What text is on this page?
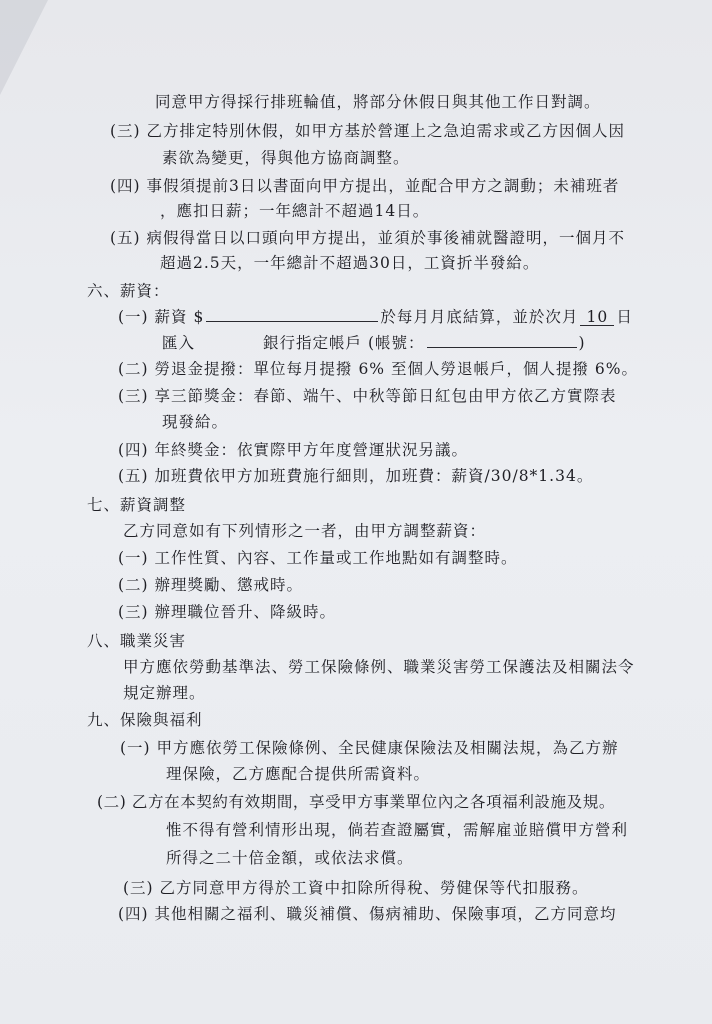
同意甲方得採行排班輪值，將部分休假日與其他工作日對調。
(三) 乙方排定特別休假，如甲方基於營運上之急迫需求或乙方因個人因
素欲為變更，得與他方協商調整。
(四) 事假須提前3日以書面向甲方提出，並配合甲方之調動；未補班者
，應扣日薪；一年總計不超過14日。
(五) 病假得當日以口頭向甲方提出，並須於事後補就醫證明，一個月不
超過2.5天，一年總計不超過30日，工資折半發給。
六、薪資：
(一) 薪資 $	於每月月底結算，並於次月 10 日
匯入	銀行指定帳戶 (帳號：	)
(二) 勞退金提撥：單位每月提撥 6% 至個人勞退帳戶，個人提撥 6%。
(三) 享三節獎金：春節、端午、中秋等節日紅包由甲方依乙方實際表
現發給。
(四) 年終獎金：依實際甲方年度營運狀況另議。
(五) 加班費依甲方加班費施行細則，加班費：薪資/30/8*1.34。
七、薪資調整
乙方同意如有下列情形之一者，由甲方調整薪資：
(一) 工作性質、內容、工作量或工作地點如有調整時。
(二) 辦理獎勵、懲戒時。
(三) 辦理職位晉升、降級時。
八、職業災害
甲方應依勞動基準法、勞工保險條例、職業災害勞工保護法及相關法令
規定辦理。
九、保險與福利
(一) 甲方應依勞工保險條例、全民健康保險法及相關法規，為乙方辦
理保險，乙方應配合提供所需資料。
(二) 乙方在本契約有效期間，享受甲方事業單位內之各項福利設施及規。
惟不得有營利情形出現，倘若查證屬實，需解雇並賠償甲方營利
所得之二十倍金額，或依法求償。
(三) 乙方同意甲方得於工資中扣除所得稅、勞健保等代扣服務。
(四) 其他相關之福利、職災補償、傷病補助、保險事項，乙方同意均
